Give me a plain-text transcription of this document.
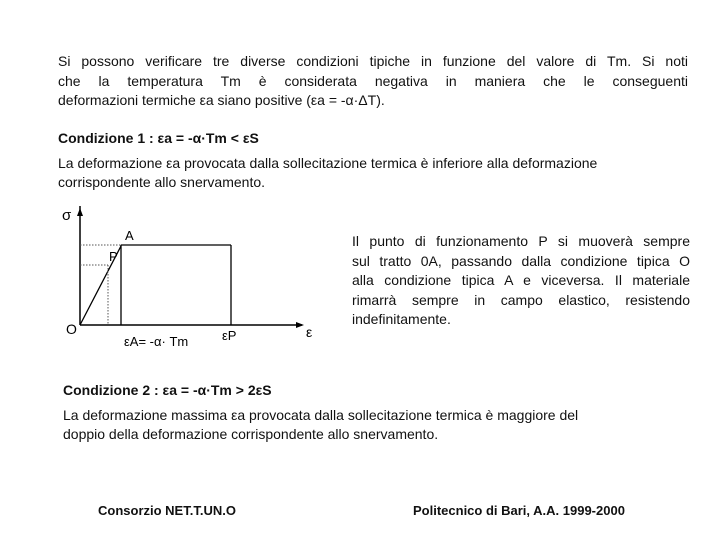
Si possono verificare tre diverse condizioni tipiche in funzione del valore di Tm. Si noti
che la temperatura Tm è considerata negativa in maniera che le conseguenti
deformazioni termiche εa siano positive (εa = -α·ΔT).
Condizione 1 : εa = -α·Tm < εS
La deformazione εa provocata dalla sollecitazione termica è inferiore alla deformazione
corrispondente allo snervamento.
σ
A
P
O
εA= -α· Tm	εP	ε
Il punto di funzionamento P si muoverà sempre
sul tratto 0A, passando dalla condizione tipica O
alla condizione tipica A e viceversa. Il materiale
rimarrà sempre in campo elastico, resistendo
indefinitamente.
Condizione 2 : εa = -α·Tm > 2εS
La deformazione massima εa provocata dalla sollecitazione termica è maggiore del
doppio della deformazione corrispondente allo snervamento.
Consorzio NET.T.UN.O	Politecnico di Bari, A.A. 1999-2000
